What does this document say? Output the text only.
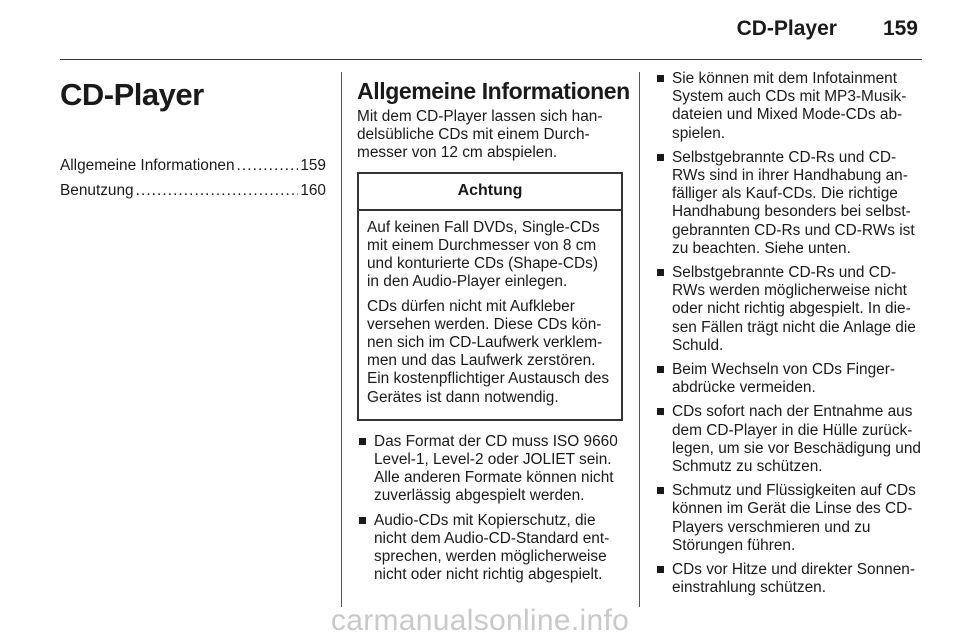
CD-Player 159
CD-Player
Allgemeine Informationen . . .	159
Benutzung . . .	160
Allgemeine Informationen

Mit dem CD-Player lassen sich handelsübliche CDs mit einem Durchmesser von 12 cm abspielen.

Achtung

Auf keinen Fall DVDs, Single-CDs mit einem Durchmesser von 8 cm und konturierte CDs (Shape-CDs) in den Audio-Player einlegen.

CDs dürfen nicht mit Aufkleber versehen werden. Diese CDs können sich im CD-Laufwerk verklemmen und das Laufwerk zerstören. Ein kostenpflichtiger Austausch des Gerätes ist dann notwendig.

Das Format der CD muss ISO 9660 Level-1, Level-2 oder JOLIET sein. Alle anderen Formate können nicht zuverlässig abgespielt werden.
Audio-CDs mit Kopierschutz, die nicht dem Audio-CD-Standard entsprechen, werden möglicherweise nicht oder nicht richtig abgespielt.
Sie können mit dem Infotainment System auch CDs mit MP3-Musikdateien und Mixed Mode-CDs abspielen.
Selbstgebrannte CD-Rs und CD-RWs sind in ihrer Handhabung anfälliger als Kauf-CDs. Die richtige Handhabung besonders bei selbstgebrannten CD-Rs und CD-RWs ist zu beachten. Siehe unten.
Selbstgebrannte CD-Rs und CD-RWs werden möglicherweise nicht oder nicht richtig abgespielt. In diesen Fällen trägt nicht die Anlage die Schuld.
Beim Wechseln von CDs Fingerabdrücke vermeiden.
CDs sofort nach der Entnahme aus dem CD-Player in die Hülle zurücklegen, um sie vor Beschädigung und Schmutz zu schützen.
Schmutz und Flüssigkeiten auf CDs können im Gerät die Linse des CD-Players verschmieren und zu Störungen führen.
CDs vor Hitze und direkter Sonneneinstrahlung schützen.
carmanualsonline.info
